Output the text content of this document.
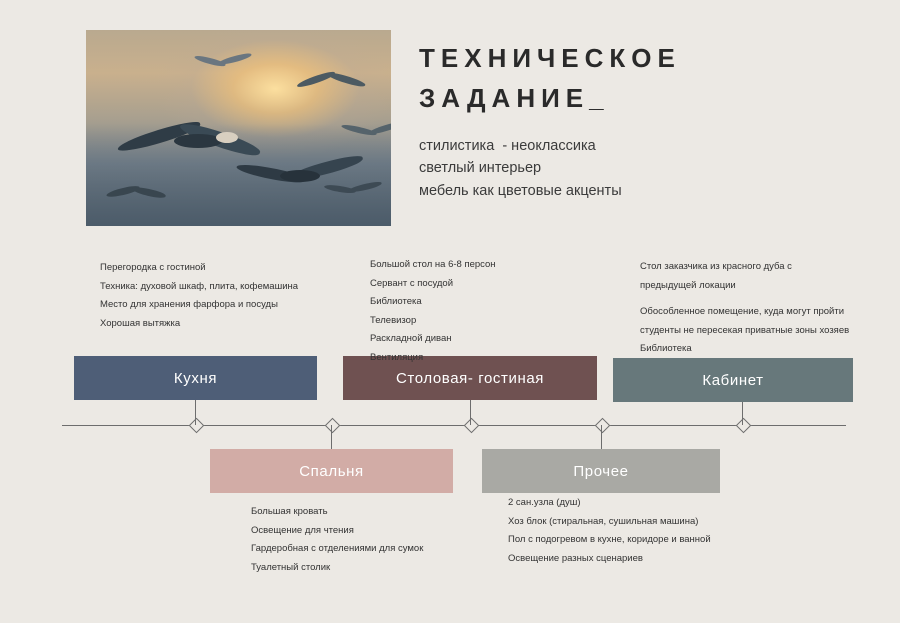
ТЕХНИЧЕСКОЕ
ЗАДАНИЕ_
стилистика  - неоклассика
светлый интерьер
мебель как цветовые акценты
Кухня
Перегородка с гостиной
Техника: духовой шкаф, плита, кофемашина
Место для хранения фарфора и посуды
Хорошая вытяжка
Столовая- гостиная
Большой стол на 6-8 персон
Сервант с посудой
Библиотека
Телевизор
Раскладной диван
Вентиляция
Кабинет
Стол заказчика из красного дуба с
предыдущей локации
Обособленное помещение, куда могут пройти
студенты не пересекая приватные зоны хозяев
Библиотека
Спальня
Большая кровать
Освещение для чтения
Гардеробная с отделениями для сумок
Туалетный столик
Прочее
2 сан.узла (душ)
Хоз блок (стиральная, сушильная машина)
Пол с подогревом в кухне, коридоре и ванной
Освещение разных сценариев
